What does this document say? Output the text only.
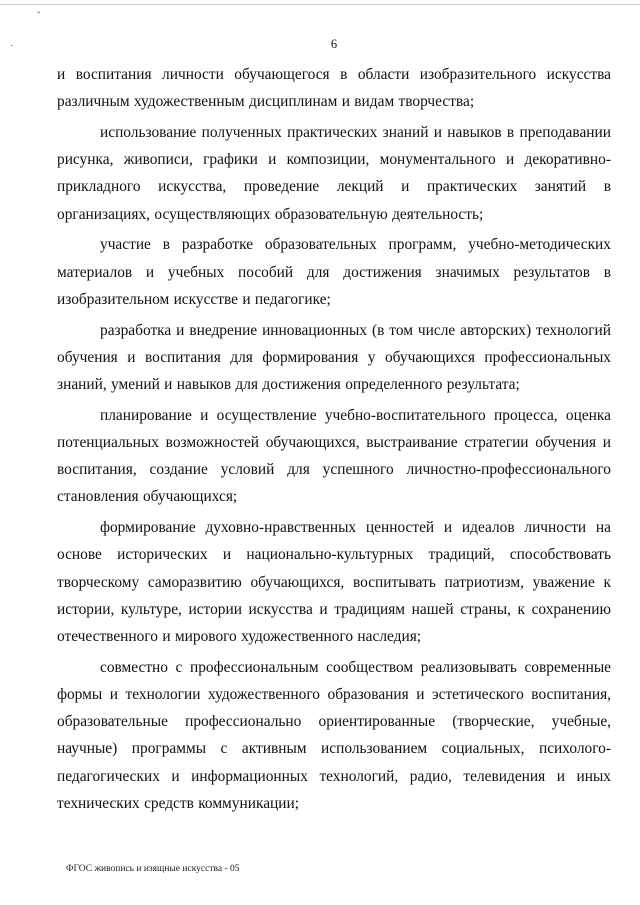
ˇ
·	6

и воспитания личности обучающегося в области изобразительного искусства различным художественным дисциплинам и видам творчества;

использование полученных практических знаний и навыков в преподавании рисунка, живописи, графики и композиции, монументального и декоративно-прикладного искусства, проведение лекций и практических занятий в организациях, осуществляющих образовательную деятельность;

участие в разработке образовательных программ, учебно-методических материалов и учебных пособий для достижения значимых результатов в изобразительном искусстве и педагогике;

разработка и внедрение инновационных (в том числе авторских) технологий обучения и воспитания для формирования у обучающихся профессиональных знаний, умений и навыков для достижения определенного результата;

планирование и осуществление учебно-воспитательного процесса, оценка потенциальных возможностей обучающихся, выстраивание стратегии обучения и воспитания, создание условий для успешного личностно-профессионального становления обучающихся;

формирование духовно-нравственных ценностей и идеалов личности на основе исторических и национально-культурных традиций, способствовать творческому саморазвитию обучающихся, воспитывать патриотизм, уважение к истории, культуре, истории искусства и традициям нашей страны, к сохранению отечественного и мирового художественного наследия;

совместно с профессиональным сообществом реализовывать современные формы и технологии художественного образования и эстетического воспитания, образовательные профессионально ориентированные (творческие, учебные, научные) программы с активным использованием социальных, психолого-педагогических и информационных технологий, радио, телевидения и иных технических средств коммуникации;

ФГОС живопись и изящные искусства - 05
